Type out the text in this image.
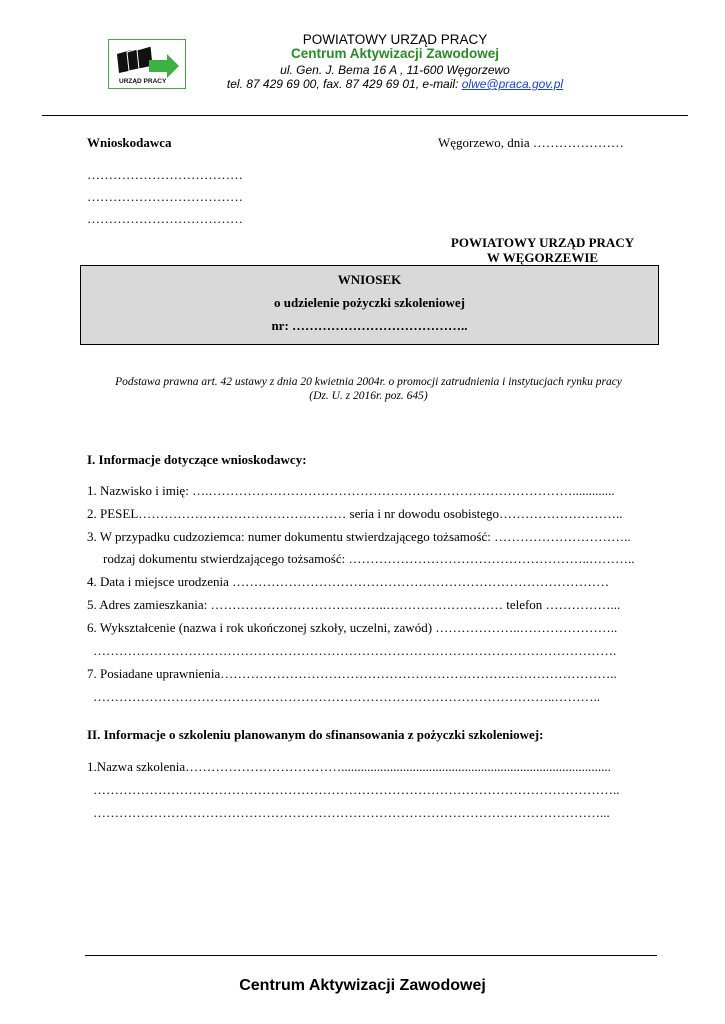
URZĄD PRACY
POWIATOWY URZĄD PRACY
Centrum Aktywizacji Zawodowej
ul. Gen. J. Bema 16 A , 11-600 Węgorzewo
tel. 87 429 69 00, fax. 87 429 69 01, e-mail: olwe@praca.gov.pl
Wnioskodawca	Węgorzewo, dnia …………………
………………………………
………………………………
………………………………
POWIATOWY URZĄD PRACY
W WĘGORZEWIE
WNIOSEK
o udzielenie pożyczki szkoleniowej
nr: …………………………………..
Podstawa prawna art. 42 ustawy z dnia 20 kwietnia 2004r. o promocji zatrudnienia i instytucjach rynku pracy
(Dz. U. z 2016r. poz. 645)
I. Informacje dotyczące wnioskodawcy:
1. Nazwisko i imię: ….………………………………………………………………………….............
2. PESEL………………………………………… seria i nr dowodu osobistego………………………..
3. W przypadku cudzoziemca: numer dokumentu stwierdzającego tożsamość: …………………………..
rodzaj dokumentu stwierdzającego tożsamość: ………………………………………………..………..
4. Data i miejsce urodzenia ……………………………………………………………………………
5. Adres zamieszkania: …………………………………..……………………… telefon ……………...
6. Wykształcenie (nazwa i rok ukończonej szkoły, uczelni, zawód) ………………..…………………..
………………………………………………………………………………………………………….
7. Posiadane uprawnienia………………………………………………………………………………..
……………………………………………………………………………………………..………..
II. Informacje o szkoleniu planowanym do sfinansowania z pożyczki szkoleniowej:
1.Nazwa szkolenia………………………………...................................................................................
…………………………………………………………………………………………………………..
………………………………………………………………………………………………………...
Centrum Aktywizacji Zawodowej
